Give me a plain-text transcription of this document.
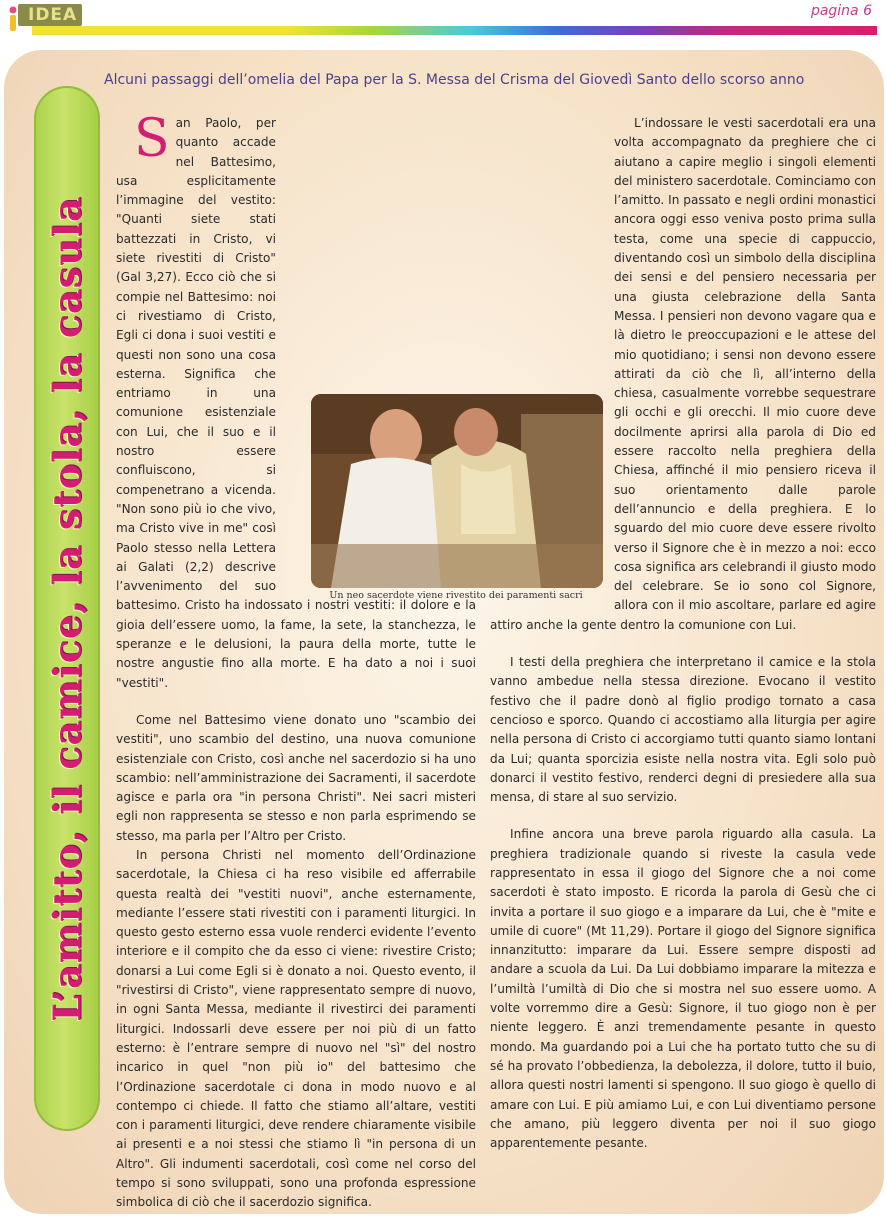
IDEA	pagina 6
L’amitto, il camice, la stola, la casula
Alcuni passaggi dell’omelia del Papa per la S. Messa del Crisma del Giovedì Santo dello scorso anno

San Paolo, per quanto accade nel Battesimo, usa esplicitamente l’immagine del vestito: "Quanti siete stati battezzati in Cristo, vi siete rivestiti di Cristo" (Gal 3,27). Ecco ciò che si compie nel Battesimo: noi ci rivestiamo di Cristo, Egli ci dona i suoi vestiti e questi non sono una cosa esterna. Significa che entriamo in una comunione esistenziale con Lui, che il suo e il nostro essere confluiscono, si compenetrano a vicenda. "Non sono più io che vivo, ma Cristo vive in me" così Paolo stesso nella Lettera ai Galati (2,2) descrive l’avvenimento del suo battesimo. Cristo ha indossato i nostri vestiti: il dolore e la gioia dell’essere uomo, la fame, la sete, la stanchezza, le speranze e le delusioni, la paura della morte, tutte le nostre angustie fino alla morte. E ha dato a noi i suoi "vestiti".

Come nel Battesimo viene donato uno "scambio dei vestiti", uno scambio del destino, una nuova comunione esistenziale con Cristo, così anche nel sacerdozio si ha uno scambio: nell’amministrazione dei Sacramenti, il sacerdote agisce e parla ora "in persona Christi". Nei sacri misteri egli non rappresenta se stesso e non parla esprimendo se stesso, ma parla per l’Altro per Cristo.

In persona Christi nel momento dell’Ordinazione sacerdotale, la Chiesa ci ha reso visibile ed afferrabile questa realtà dei "vestiti nuovi", anche esternamente, mediante l’essere stati rivestiti con i paramenti liturgici. In questo gesto esterno essa vuole renderci evidente l’evento interiore e il compito che da esso ci viene: rivestire Cristo; donarsi a Lui come Egli si è donato a noi. Questo evento, il "rivestirsi di Cristo", viene rappresentato sempre di nuovo, in ogni Santa Messa, mediante il rivestirci dei paramenti liturgici. Indossarli deve essere per noi più di un fatto esterno: è l’entrare sempre di nuovo nel "sì" del nostro incarico in quel "non più io" del battesimo che l’Ordinazione sacerdotale ci dona in modo nuovo e al contempo ci chiede. Il fatto che stiamo all’altare, vestiti con i paramenti liturgici, deve rendere chiaramente visibile ai presenti e a noi stessi che stiamo lì "in persona di un Altro". Gli indumenti sacerdotali, così come nel corso del tempo si sono sviluppati, sono una profonda espressione simbolica di ciò che il sacerdozio significa.

L’indossare le vesti sacerdotali era una volta accompagnato da preghiere che ci aiutano a capire meglio i singoli elementi del ministero sacerdotale. Cominciamo con l’amitto. In passato e negli ordini monastici ancora oggi esso veniva posto prima sulla testa, come una specie di cappuccio, diventando così un simbolo della disciplina dei sensi e del pensiero necessaria per una giusta celebrazione della Santa Messa. I pensieri non devono vagare qua e là dietro le preoccupazioni e le attese del mio quotidiano; i sensi non devono essere attirati da ciò che lì, all’interno della chiesa, casualmente vorrebbe sequestrare gli occhi e gli orecchi. Il mio cuore deve docilmente aprirsi alla parola di Dio ed essere raccolto nella preghiera della Chiesa, affinché il mio pensiero riceva il suo orientamento dalle parole dell’annuncio e della preghiera. E lo sguardo del mio cuore deve essere rivolto verso il Signore che è in mezzo a noi: ecco cosa significa ars celebrandi il giusto modo del celebrare. Se io sono col Signore, allora con il mio ascoltare, parlare ed agire attiro anche la gente dentro la comunione con Lui.

I testi della preghiera che interpretano il camice e la stola vanno ambedue nella stessa direzione. Evocano il vestito festivo che il padre donò al figlio prodigo tornato a casa cencioso e sporco. Quando ci accostiamo alla liturgia per agire nella persona di Cristo ci accorgiamo tutti quanto siamo lontani da Lui; quanta sporcizia esiste nella nostra vita. Egli solo può donarci il vestito festivo, renderci degni di presiedere alla sua mensa, di stare al suo servizio.

Infine ancora una breve parola riguardo alla casula. La preghiera tradizionale quando si riveste la casula vede rappresentato in essa il giogo del Signore che a noi come sacerdoti è stato imposto. E ricorda la parola di Gesù che ci invita a portare il suo giogo e a imparare da Lui, che è "mite e umile di cuore" (Mt 11,29). Portare il giogo del Signore significa innanzitutto: imparare da Lui. Essere sempre disposti ad andare a scuola da Lui. Da Lui dobbiamo imparare la mitezza e l’umiltà l’umiltà di Dio che si mostra nel suo essere uomo. A volte vorremmo dire a Gesù: Signore, il tuo giogo non è per niente leggero. È anzi tremendamente pesante in questo mondo. Ma guardando poi a Lui che ha portato tutto che su di sé ha provato l’obbedienza, la debolezza, il dolore, tutto il buio, allora questi nostri lamenti si spengono. Il suo giogo è quello di amare con Lui. E più amiamo Lui, e con Lui diventiamo persone che amano, più leggero diventa per noi il suo giogo apparentemente pesante.

Un neo sacerdote viene rivestito dei paramenti sacri
